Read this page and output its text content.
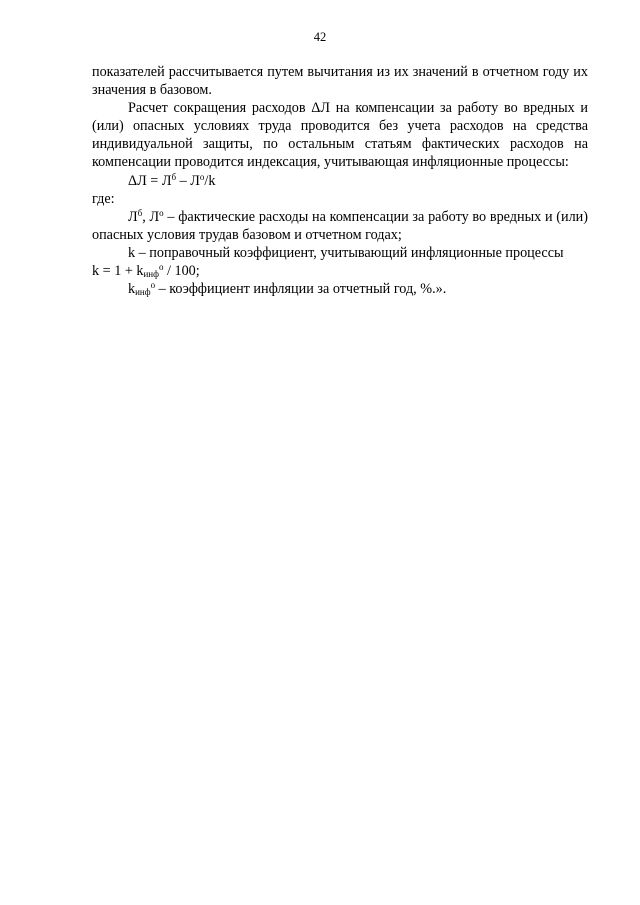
42

показателей рассчитывается путем вычитания из их значений в отчетном году их значения в базовом.

Расчет сокращения расходов ΔЛ на компенсации за работу во вредных и (или) опасных условиях труда проводится без учета расходов на средства индивидуальной защиты, по остальным статьям фактических расходов на компенсации проводится индексация, учитывающая инфляционные процессы:

$\Delta Л = Л^б - Л^о/k$

где:

$Л^б$, $Л^о$ – фактические расходы на компенсации за работу во вредных и (или) опасных условия трудав базовом и отчетном годах;

k – поправочный коэффициент, учитывающий инфляционные процессы

$k = 1 + k_{инф}^о / 100$;

$k_{инф}^о$ – коэффициент инфляции за отчетный год, %.».
